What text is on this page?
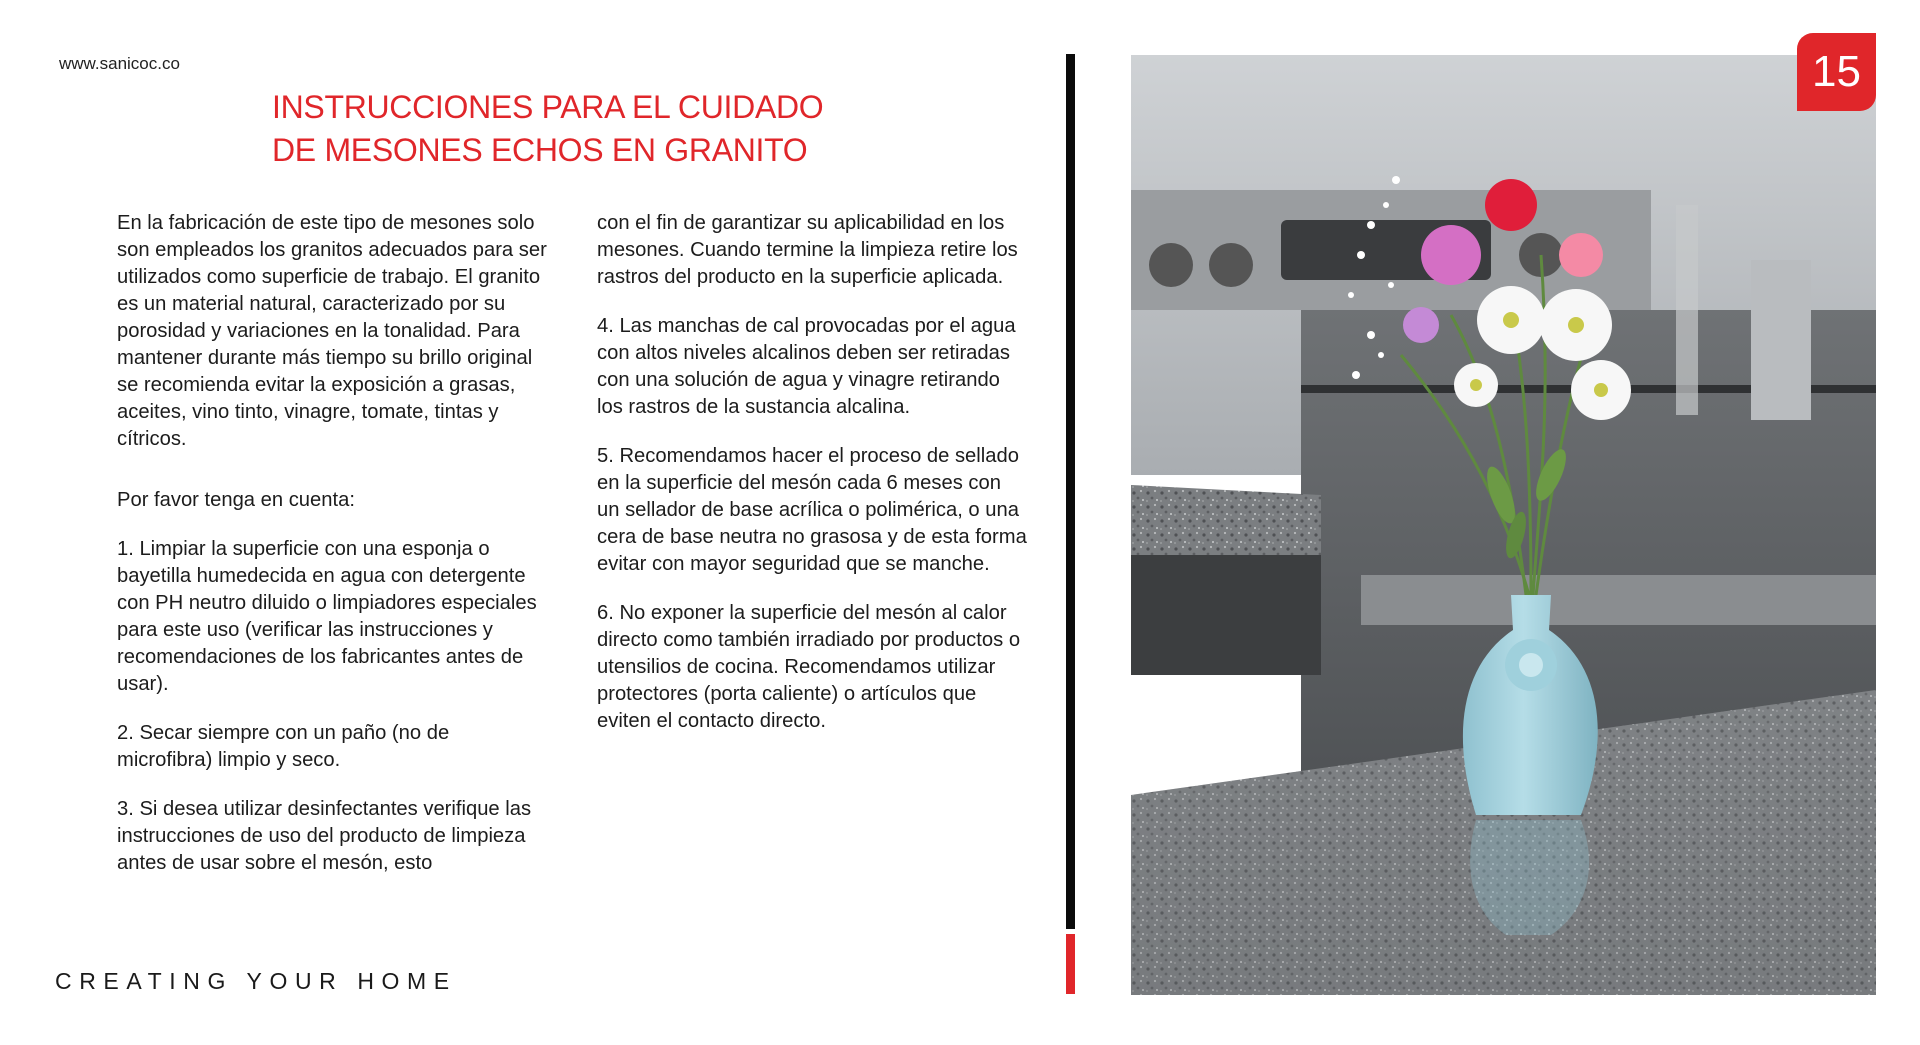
www.sanicoc.co
INSTRUCCIONES PARA EL CUIDADO
DE MESONES ECHOS EN GRANITO

En la fabricación de este tipo de mesones solo son empleados los granitos adecuados para ser utilizados como superficie de trabajo. El granito es un material natural, caracterizado por su porosidad y variaciones en la tonalidad. Para mantener durante más tiempo su brillo original se recomienda evitar la exposición a grasas, aceites, vino tinto, vinagre, tomate, tintas y cítricos.

Por favor tenga en cuenta:

1. Limpiar la superficie con una esponja o bayetilla humedecida en agua con detergente con PH neutro diluido o limpiadores especiales para este uso (verificar las instrucciones y recomendaciones de los fabricantes antes de usar).

2. Secar siempre con un paño (no de microfibra) limpio y seco.

3. Si desea utilizar desinfectantes verifique las instrucciones de uso del producto de limpieza antes de usar sobre el mesón, esto

con el fin de garantizar su aplicabilidad en los mesones. Cuando termine la limpieza retire los rastros del producto en la superficie aplicada.

4. Las manchas de cal provocadas por el agua con altos niveles alcalinos deben ser retiradas con una solución de agua y vinagre retirando los rastros de la sustancia alcalina.

5. Recomendamos hacer el proceso de sellado en la superficie del mesón cada 6 meses con un sellador de base acrílica o polimérica, o una cera de base neutra no grasosa y de esta forma evitar con mayor seguridad que se manche.

6. No exponer la superficie del mesón al calor directo como también irradiado por productos o utensilios de cocina. Recomendamos utilizar protectores (porta caliente) o artículos que eviten el contacto directo.

CREATING YOUR HOME
15
